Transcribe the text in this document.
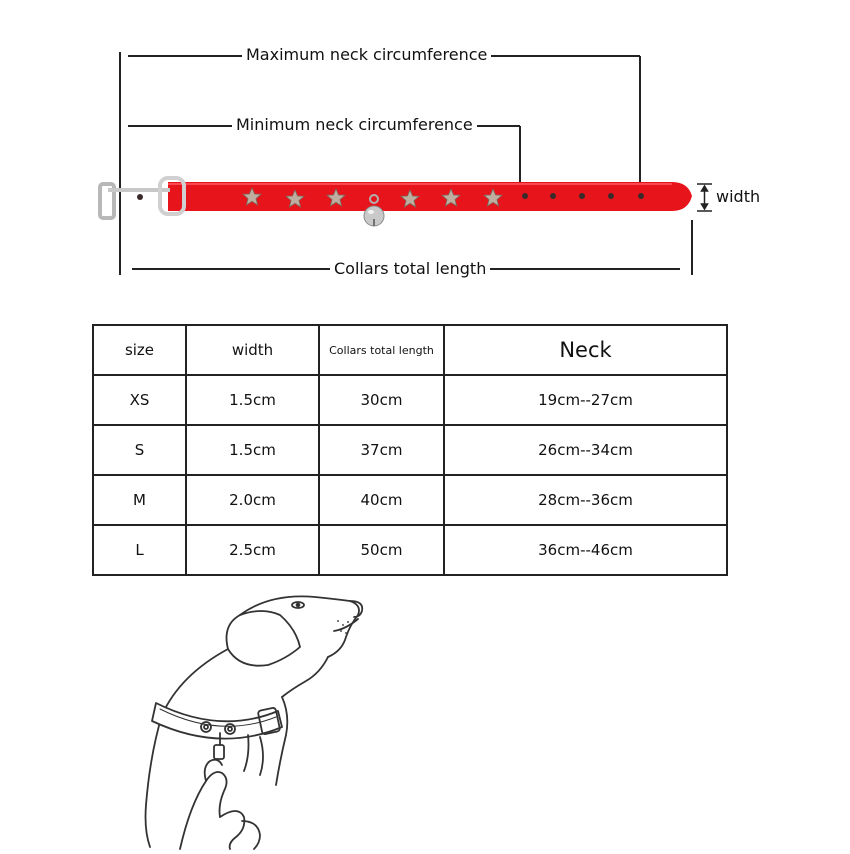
Maximum neck circumference
Minimum neck circumference
Collars total length
width
size	width	Collars total length	Neck
XS	1.5cm	30cm	19cm--27cm
S	1.5cm	37cm	26cm--34cm
M	2.0cm	40cm	28cm--36cm
L	2.5cm	50cm	36cm--46cm
